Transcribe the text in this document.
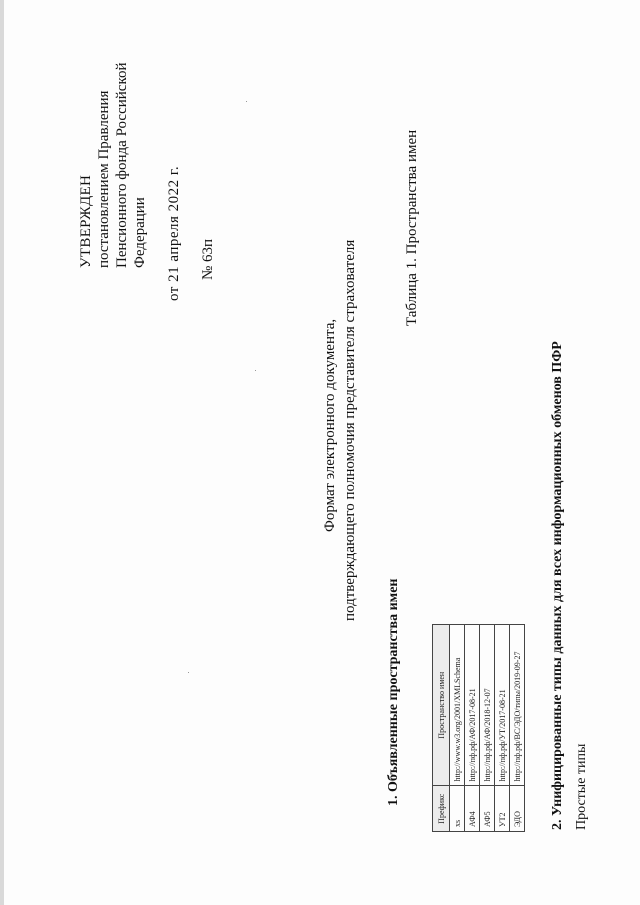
УТВЕРЖДЕН постановлением Правления Пенсионного фонда Российской Федерации от 21 апреля 2022 г. № 63п
Формат электронного документа, подтверждающего полномочия представителя страхователя
Таблица 1. Пространства имен
Префикс	Пространство имен
xs	http://www.w3.org/2001/XMLSchema
АФ4	http://пф.рф/АФ/2017-08-21
АФ5	http://пф.рф/АФ/2018-12-07
УТ2	http://пф.рф/УТ/2017-08-21
ЭДО	http://пф.рф/ВС/ЭДО/типы/2019-09-27
1. Объявленные пространства имен	2. Унифицированные типы данных для всех информационных обменов ПФР Простые типы
